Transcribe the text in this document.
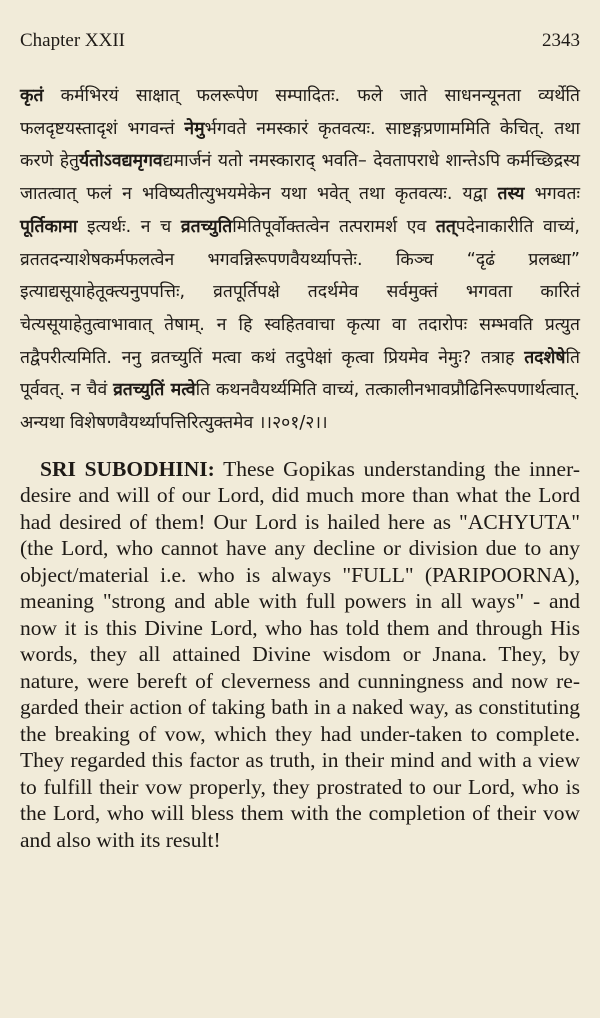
Chapter XXII	2343
कृतं कर्मभिरयं साक्षात् फलरूपेण सम्पादितः. फले जाते साधनन्यूनता व्यर्थेति फलदृष्टयस्तादृशं भगवन्तं नेमुर्भगवते नमस्कारं कृतवत्यः. साष्टङ्गप्रणाममिति केचित्. तथा करणे हेतुर्यतोऽवद्यमृगवद्यमार्जनं यतो नमस्काराद् भवति– देवतापराधे शान्तेऽपि कर्मच्छिद्रस्य जातत्वात् फलं न भविष्यतीत्युभयमेकेन यथा भवेत् तथा कृतवत्यः. यद्वा तस्य भगवतः पूर्तिकामा इत्यर्थः. न च व्रतच्युतिमितिपूर्वोक्तत्वेन तत्परामर्श एव तत्पदेनाकारीति वाच्यं, व्रततदन्याशेषकर्मफलत्वेन भगवन्निरूपणवैयर्थ्यापत्तेः. किञ्च “दृढं प्रलब्धा” इत्याद्यसूयाहेतूक्त्यनुपपत्तिः, व्रतपूर्तिपक्षे तदर्थमेव सर्वमुक्तं भगवता कारितं चेत्यसूयाहेतुत्वाभावात् तेषाम्. न हि स्वहितवाचा कृत्या वा तदारोपः सम्भवति प्रत्युत तद्वैपरीत्यमिति. ननु व्रतच्युतिं मत्वा कथं तदुपेक्षां कृत्वा प्रियमेव नेमुः? तत्राह तदशेषेति पूर्ववत्. न चैवं व्रतच्युतिं मत्वेति कथनवैयर्थ्यमिति वाच्यं, तत्कालीनभावप्रौढिनिरूपणार्थत्वात्. अन्यथा विशेषणवैयर्थ्यापत्तिरित्युक्तमेव ।।२०१/२।।
SRI SUBODHINI: These Gopikas understanding the inner-desire and will of our Lord, did much more than what the Lord had desired of them! Our Lord is hailed here as "ACHYUTA" (the Lord, who cannot have any decline or division due to any object/material i.e. who is always "FULL" (PARIPOORNA), meaning "strong and able with full powers in all ways" - and now it is this Divine Lord, who has told them and through His words, they all attained Divine wisdom or Jnana. They, by nature, were bereft of cleverness and cunningness and now re-garded their action of taking bath in a naked way, as constituting the breaking of vow, which they had under-taken to complete. They regarded this factor as truth, in their mind and with a view to fulfill their vow properly, they prostrated to our Lord, who is the Lord, who will bless them with the completion of their vow and also with its result!
